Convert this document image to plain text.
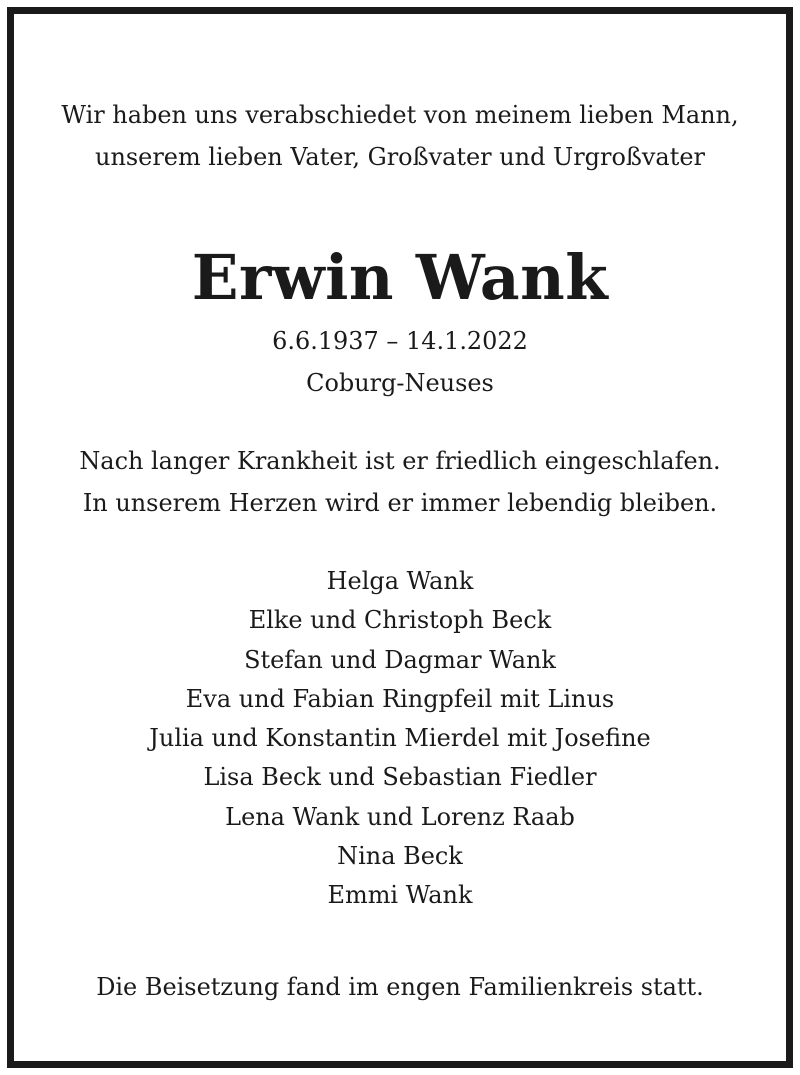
Wir haben uns verabschiedet von meinem lieben Mann,
unserem lieben Vater, Großvater und Urgroßvater
Erwin Wank
6.6.1937 – 14.1.2022
Coburg-Neuses
Nach langer Krankheit ist er friedlich eingeschlafen.
In unserem Herzen wird er immer lebendig bleiben.
Helga Wank
Elke und Christoph Beck
Stefan und Dagmar Wank
Eva und Fabian Ringpfeil mit Linus
Julia und Konstantin Mierdel mit Josefine
Lisa Beck und Sebastian Fiedler
Lena Wank und Lorenz Raab
Nina Beck
Emmi Wank
Die Beisetzung fand im engen Familienkreis statt.
